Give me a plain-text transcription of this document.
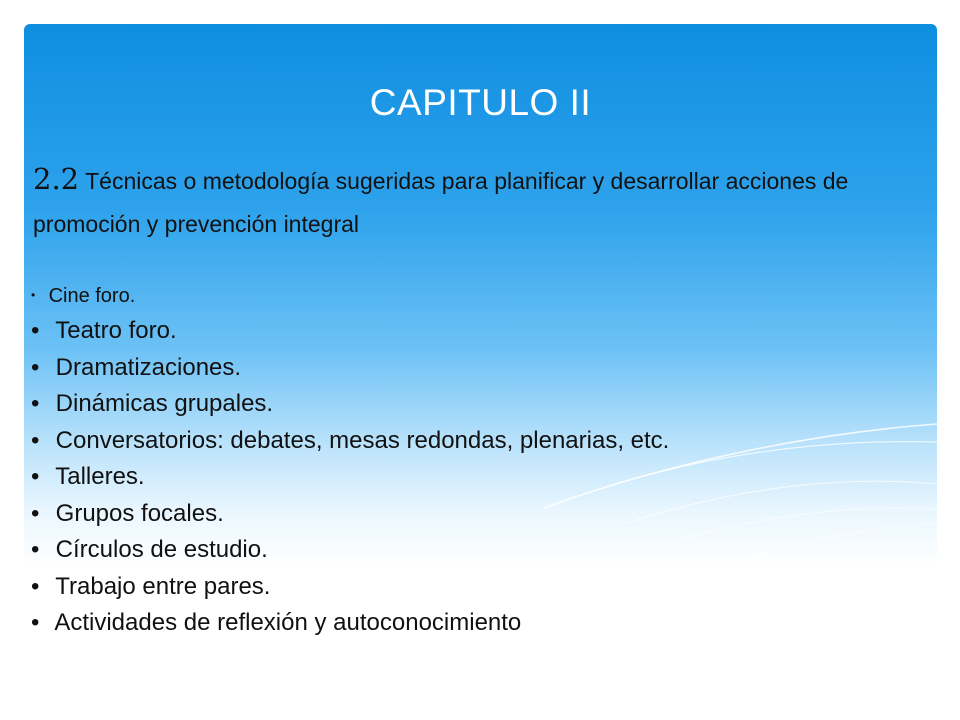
CAPITULO II
2.2 Técnicas o metodología sugeridas para planificar y desarrollar acciones de promoción y prevención integral
• Cine foro.
• Teatro foro.
• Dramatizaciones.
• Dinámicas grupales.
• Conversatorios: debates, mesas redondas, plenarias, etc.
• Talleres.
• Grupos focales.
• Círculos de estudio.
• Trabajo entre pares.
• Actividades de reflexión y autoconocimiento
